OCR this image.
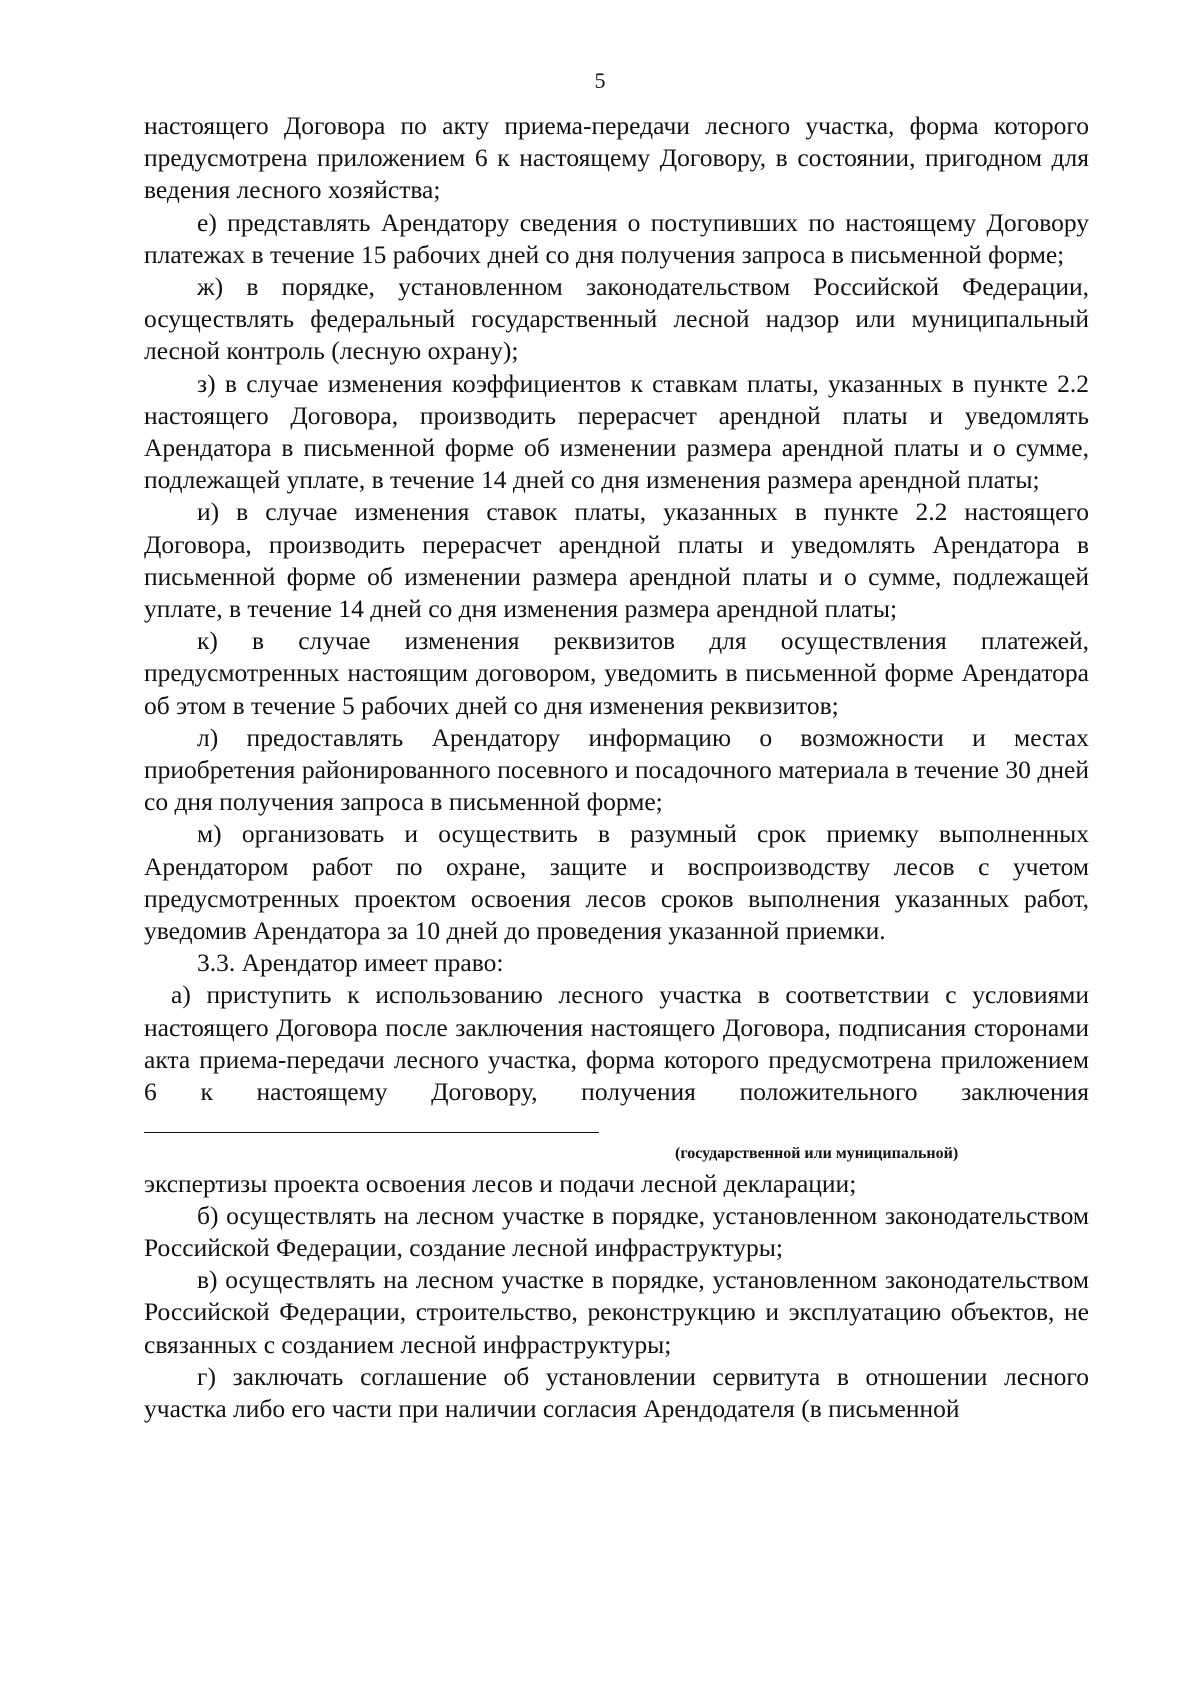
5

настоящего Договора по акту приема-передачи лесного участка, форма которого предусмотрена приложением 6 к настоящему Договору, в состоянии, пригодном для ведения лесного хозяйства;

е) представлять Арендатору сведения о поступивших по настоящему Договору платежах в течение 15 рабочих дней со дня получения запроса в письменной форме;

ж) в порядке, установленном законодательством Российской Федерации, осуществлять федеральный государственный лесной надзор или муниципальный лесной контроль (лесную охрану);

з) в случае изменения коэффициентов к ставкам платы, указанных в пункте 2.2 настоящего Договора, производить перерасчет арендной платы и уведомлять Арендатора в письменной форме об изменении размера арендной платы и о сумме, подлежащей уплате, в течение 14 дней со дня изменения размера арендной платы;

и) в случае изменения ставок платы, указанных в пункте 2.2 настоящего Договора, производить перерасчет арендной платы и уведомлять Арендатора в письменной форме об изменении размера арендной платы и о сумме, подлежащей уплате, в течение 14 дней со дня изменения размера арендной платы;

к) в случае изменения реквизитов для осуществления платежей, предусмотренных настоящим договором, уведомить в письменной форме Арендатора об этом в течение 5 рабочих дней со дня изменения реквизитов;

л) предоставлять Арендатору информацию о возможности и местах приобретения районированного посевного и посадочного материала в течение 30 дней со дня получения запроса в письменной форме;

м) организовать и осуществить в разумный срок приемку выполненных Арендатором работ по охране, защите и воспроизводству лесов с учетом предусмотренных проектом освоения лесов сроков выполнения указанных работ, уведомив Арендатора за 10 дней до проведения указанной приемки.

3.3. Арендатор имеет право:

а) приступить к использованию лесного участка в соответствии с условиями настоящего Договора после заключения настоящего Договора, подписания сторонами акта приема-передачи лесного участка, форма которого предусмотрена приложением 6 к настоящему Договору, получения положительного заключения

(государственной или муниципальной)

экспертизы проекта освоения лесов и подачи лесной декларации;

б) осуществлять на лесном участке в порядке, установленном законодательством Российской Федерации, создание лесной инфраструктуры;

в) осуществлять на лесном участке в порядке, установленном законодательством Российской Федерации, строительство, реконструкцию и эксплуатацию объектов, не связанных с созданием лесной инфраструктуры;

г) заключать соглашение об установлении сервитута в отношении лесного участка либо его части при наличии согласия Арендодателя (в письменной
